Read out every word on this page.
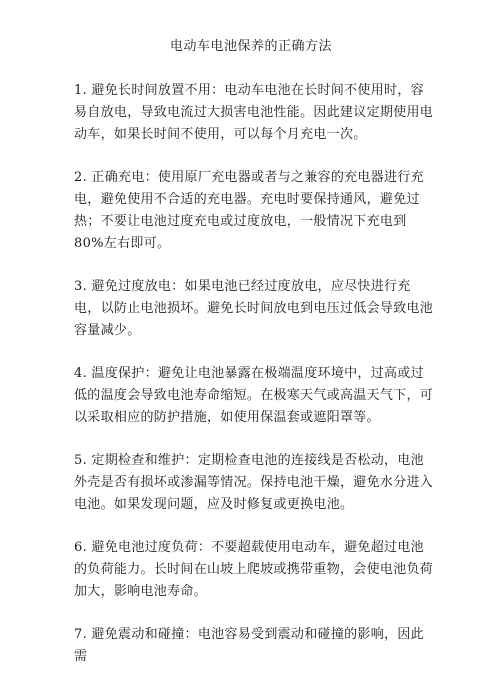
电动车电池保养的正确方法

1. 避免长时间放置不用：电动车电池在长时间不使用时，容易自放电，导致电流过大损害电池性能。因此建议定期使用电动车，如果长时间不使用，可以每个月充电一次。

2. 正确充电：使用原厂充电器或者与之兼容的充电器进行充电，避免使用不合适的充电器。充电时要保持通风，避免过热；不要让电池过度充电或过度放电，一般情况下充电到 80%左右即可。

3. 避免过度放电：如果电池已经过度放电，应尽快进行充电，以防止电池损坏。避免长时间放电到电压过低会导致电池容量减少。

4. 温度保护：避免让电池暴露在极端温度环境中，过高或过低的温度会导致电池寿命缩短。在极寒天气或高温天气下，可以采取相应的防护措施，如使用保温套或遮阳罩等。

5. 定期检查和维护：定期检查电池的连接线是否松动，电池外壳是否有损坏或渗漏等情况。保持电池干燥，避免水分进入电池。如果发现问题，应及时修复或更换电池。

6. 避免电池过度负荷：不要超载使用电动车，避免超过电池的负荷能力。长时间在山坡上爬坡或携带重物，会使电池负荷加大，影响电池寿命。

7. 避免震动和碰撞：电池容易受到震动和碰撞的影响，因此需
